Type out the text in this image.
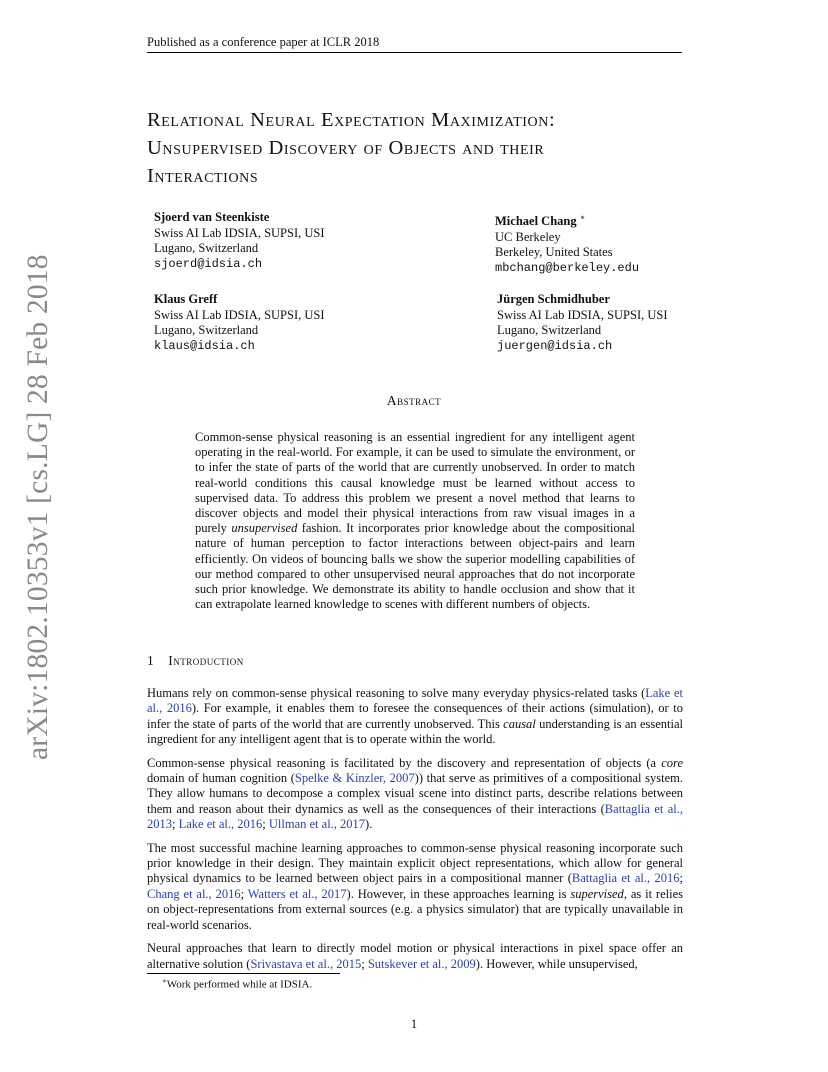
Published as a conference paper at ICLR 2018
arXiv:1802.10353v1 [cs.LG] 28 Feb 2018
Relational Neural Expectation Maximization:
Unsupervised Discovery of Objects and their
Interactions
Sjoerd van Steenkiste
Swiss AI Lab IDSIA, SUPSI, USI
Lugano, Switzerland
sjoerd@idsia.ch
Michael Chang ∗
UC Berkeley
Berkeley, United States
mbchang@berkeley.edu
Klaus Greff
Swiss AI Lab IDSIA, SUPSI, USI
Lugano, Switzerland
klaus@idsia.ch
Jürgen Schmidhuber
Swiss AI Lab IDSIA, SUPSI, USI
Lugano, Switzerland
juergen@idsia.ch
Abstract
Common-sense physical reasoning is an essential ingredient for any intelligent agent operating in the real-world. For example, it can be used to simulate the environment, or to infer the state of parts of the world that are currently unobserved. In order to match real-world conditions this causal knowledge must be learned without access to supervised data. To address this problem we present a novel method that learns to discover objects and model their physical interactions from raw visual images in a purely unsupervised fashion. It incorporates prior knowledge about the compositional nature of human perception to factor interactions between object-pairs and learn efficiently. On videos of bouncing balls we show the superior modelling capabilities of our method compared to other unsupervised neural approaches that do not incorporate such prior knowledge. We demonstrate its ability to handle occlusion and show that it can extrapolate learned knowledge to scenes with different numbers of objects.
1 Introduction

Humans rely on common-sense physical reasoning to solve many everyday physics-related tasks (Lake et al., 2016). For example, it enables them to foresee the consequences of their actions (simulation), or to infer the state of parts of the world that are currently unobserved. This causal understanding is an essential ingredient for any intelligent agent that is to operate within the world.

Common-sense physical reasoning is facilitated by the discovery and representation of objects (a core domain of human cognition (Spelke & Kinzler, 2007)) that serve as primitives of a compositional system. They allow humans to decompose a complex visual scene into distinct parts, describe relations between them and reason about their dynamics as well as the consequences of their interactions (Battaglia et al., 2013; Lake et al., 2016; Ullman et al., 2017).

The most successful machine learning approaches to common-sense physical reasoning incorporate such prior knowledge in their design. They maintain explicit object representations, which allow for general physical dynamics to be learned between object pairs in a compositional manner (Battaglia et al., 2016; Chang et al., 2016; Watters et al., 2017). However, in these approaches learning is supervised, as it relies on object-representations from external sources (e.g. a physics simulator) that are typically unavailable in real-world scenarios.

Neural approaches that learn to directly model motion or physical interactions in pixel space offer an alternative solution (Srivastava et al., 2015; Sutskever et al., 2009). However, while unsupervised,

∗Work performed while at IDSIA.
1
